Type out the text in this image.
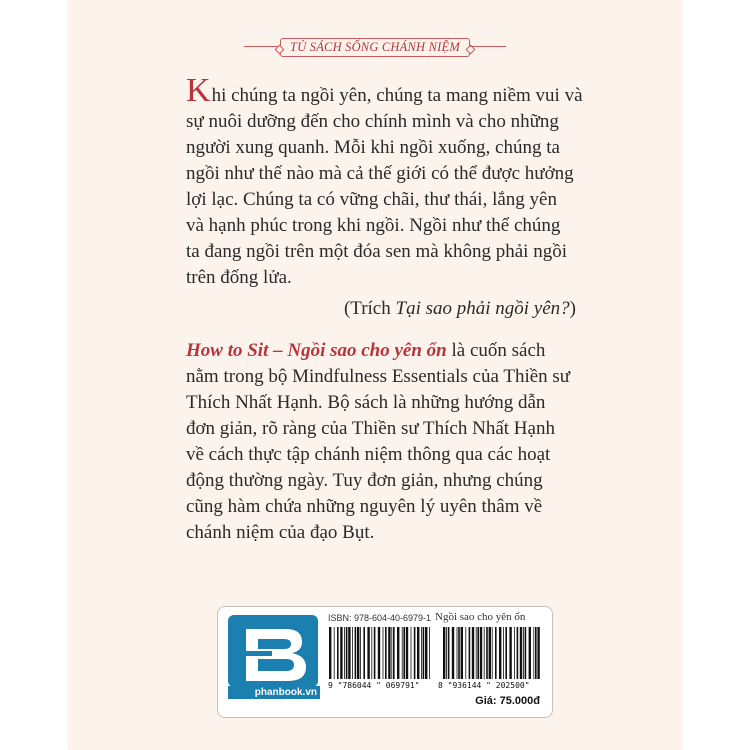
TỦ SÁCH SỐNG CHÁNH NIỆM
Khi chúng ta ngồi yên, chúng ta mang niềm vui và
sự nuôi dưỡng đến cho chính mình và cho những
người xung quanh. Mỗi khi ngồi xuống, chúng ta
ngồi như thế nào mà cả thế giới có thể được hưởng
lợi lạc. Chúng ta có vững chãi, thư thái, lắng yên
và hạnh phúc trong khi ngồi. Ngồi như thể chúng
ta đang ngồi trên một đóa sen mà không phải ngồi
trên đống lửa.
(Trích Tại sao phải ngồi yên?)
How to Sit – Ngồi sao cho yên ổn là cuốn sách
nằm trong bộ Mindfulness Essentials của Thiền sư
Thích Nhất Hạnh. Bộ sách là những hướng dẫn
đơn giản, rõ ràng của Thiền sư Thích Nhất Hạnh
về cách thực tập chánh niệm thông qua các hoạt
động thường ngày. Tuy đơn giản, nhưng chúng
cũng hàm chứa những nguyên lý uyên thâm về
chánh niệm của đạo Bụt.
phanbook.vn
ISBN: 978-604-40-6979-1 Ngồi sao cho yên ổn
9 "786044 " 069791" 8 "936144 " 202500"
Giá: 75.000đ
